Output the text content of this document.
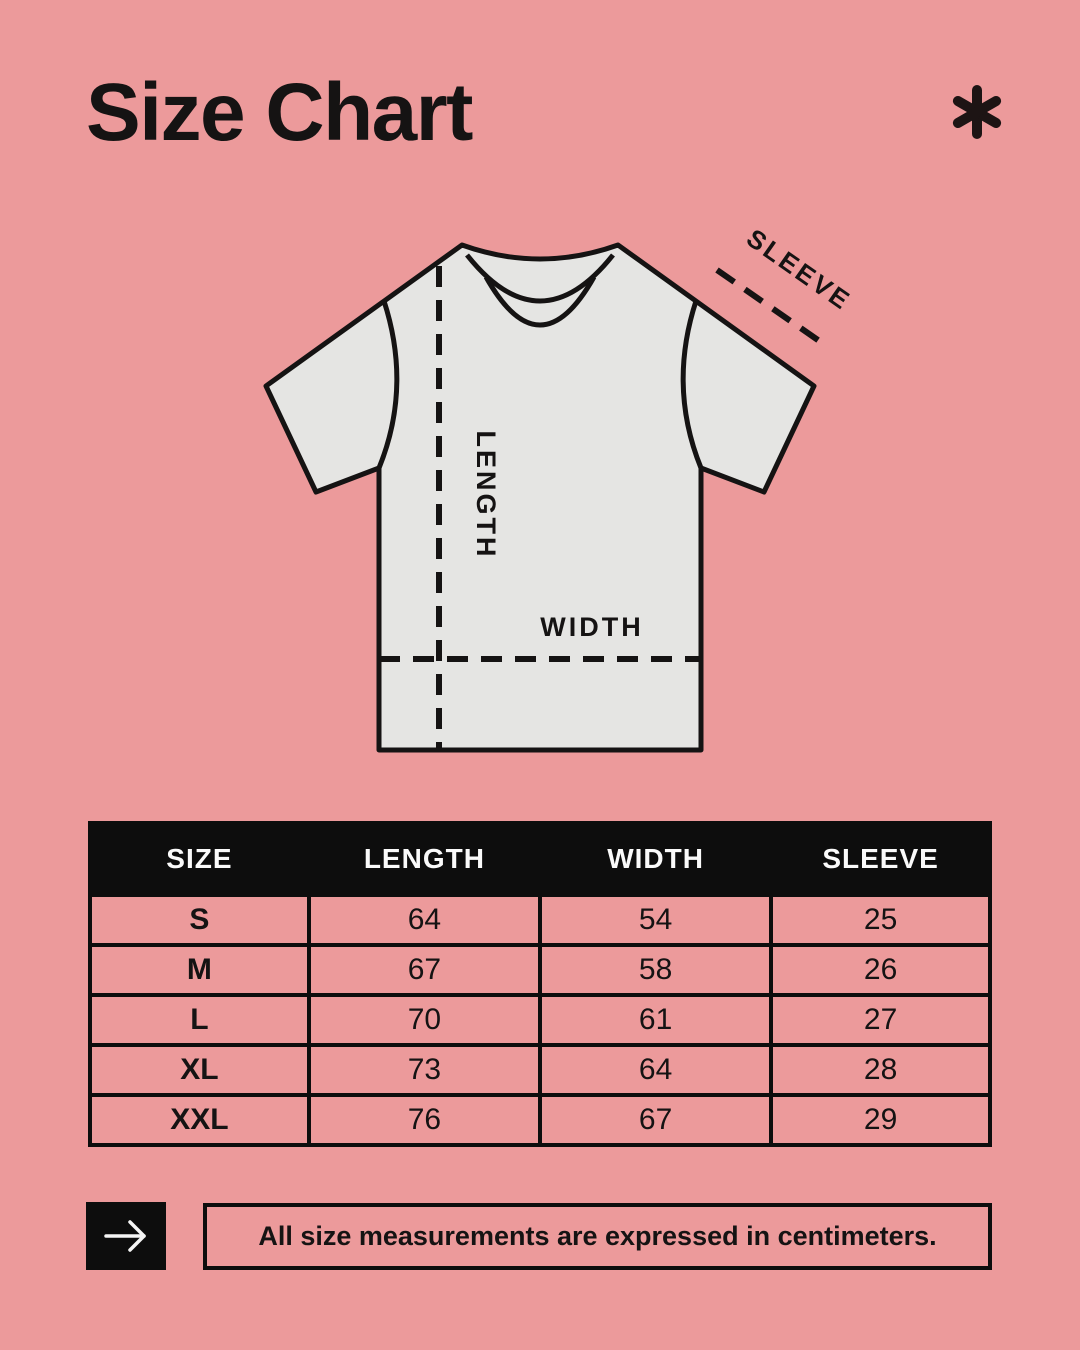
Size Chart
LENGTH
WIDTH
SLEEVE
SIZE	LENGTH	WIDTH	SLEEVE
S	64	54	25
M	67	58	26
L	70	61	27
XL	73	64	28
XXL	76	67	29
All size measurements are expressed in centimeters.
